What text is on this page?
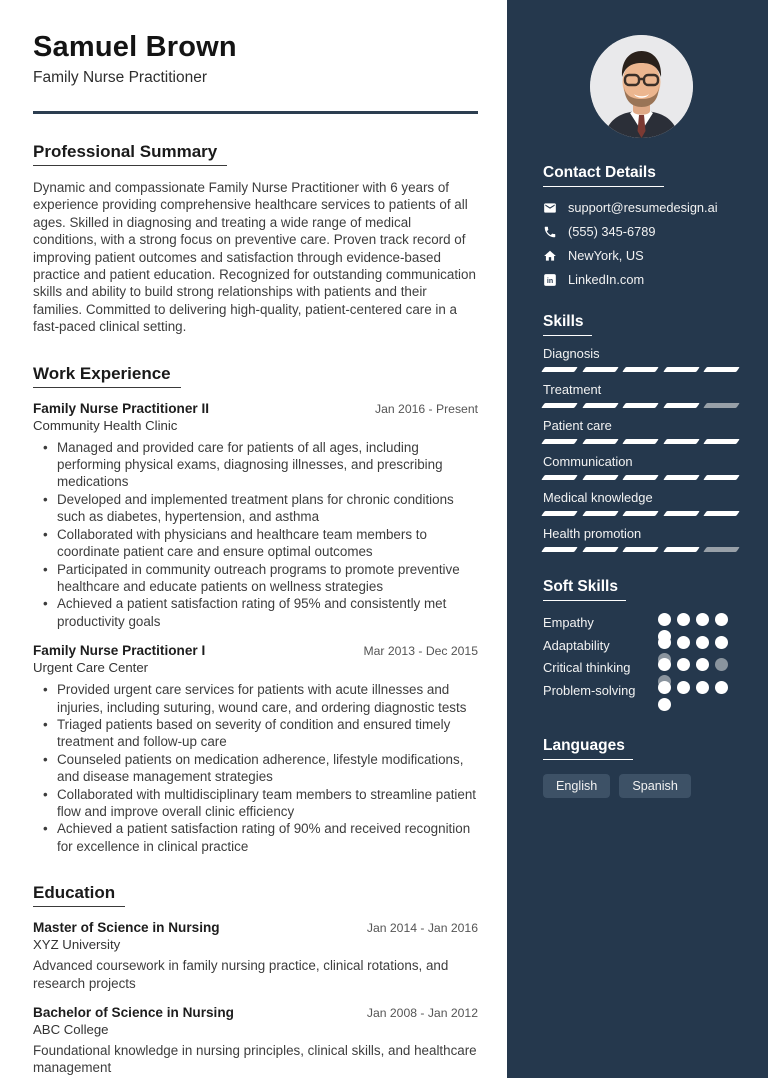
Samuel Brown
Family Nurse Practitioner
Professional Summary

Dynamic and compassionate Family Nurse Practitioner with 6 years of experience providing comprehensive healthcare services to patients of all ages. Skilled in diagnosing and treating a wide range of medical conditions, with a strong focus on preventive care. Proven track record of improving patient outcomes and satisfaction through evidence-based practice and patient education. Recognized for outstanding communication skills and ability to build strong relationships with patients and their families. Committed to delivering high-quality, patient-centered care in a fast-paced clinical setting.

Work Experience
Family Nurse Practitioner II	Jan 2016 - Present
Community Health Clinic
• Managed and provided care for patients of all ages, including performing physical exams, diagnosing illnesses, and prescribing medications
• Developed and implemented treatment plans for chronic conditions such as diabetes, hypertension, and asthma
• Collaborated with physicians and healthcare team members to coordinate patient care and ensure optimal outcomes
• Participated in community outreach programs to promote preventive healthcare and educate patients on wellness strategies
• Achieved a patient satisfaction rating of 95% and consistently met productivity goals
Family Nurse Practitioner I	Mar 2013 - Dec 2015
Urgent Care Center
• Provided urgent care services for patients with acute illnesses and injuries, including suturing, wound care, and ordering diagnostic tests
• Triaged patients based on severity of condition and ensured timely treatment and follow-up care
• Counseled patients on medication adherence, lifestyle modifications, and disease management strategies
• Collaborated with multidisciplinary team members to streamline patient flow and improve overall clinic efficiency
• Achieved a patient satisfaction rating of 90% and received recognition for excellence in clinical practice
Education
Master of Science in Nursing	Jan 2014 - Jan 2016
XYZ University
Advanced coursework in family nursing practice, clinical rotations, and research projects
Bachelor of Science in Nursing	Jan 2008 - Jan 2012
ABC College
Foundational knowledge in nursing principles, clinical skills, and healthcare management
Contact Details
support@resumedesign.ai
(555) 345-6789
NewYork, US
in LinkedIn.com
Skills
Diagnosis
Treatment
Patient care
Communication
Medical knowledge
Health promotion
Soft Skills
Empathy
Adaptability
Critical thinking
Problem-solving
Languages
English	Spanish
